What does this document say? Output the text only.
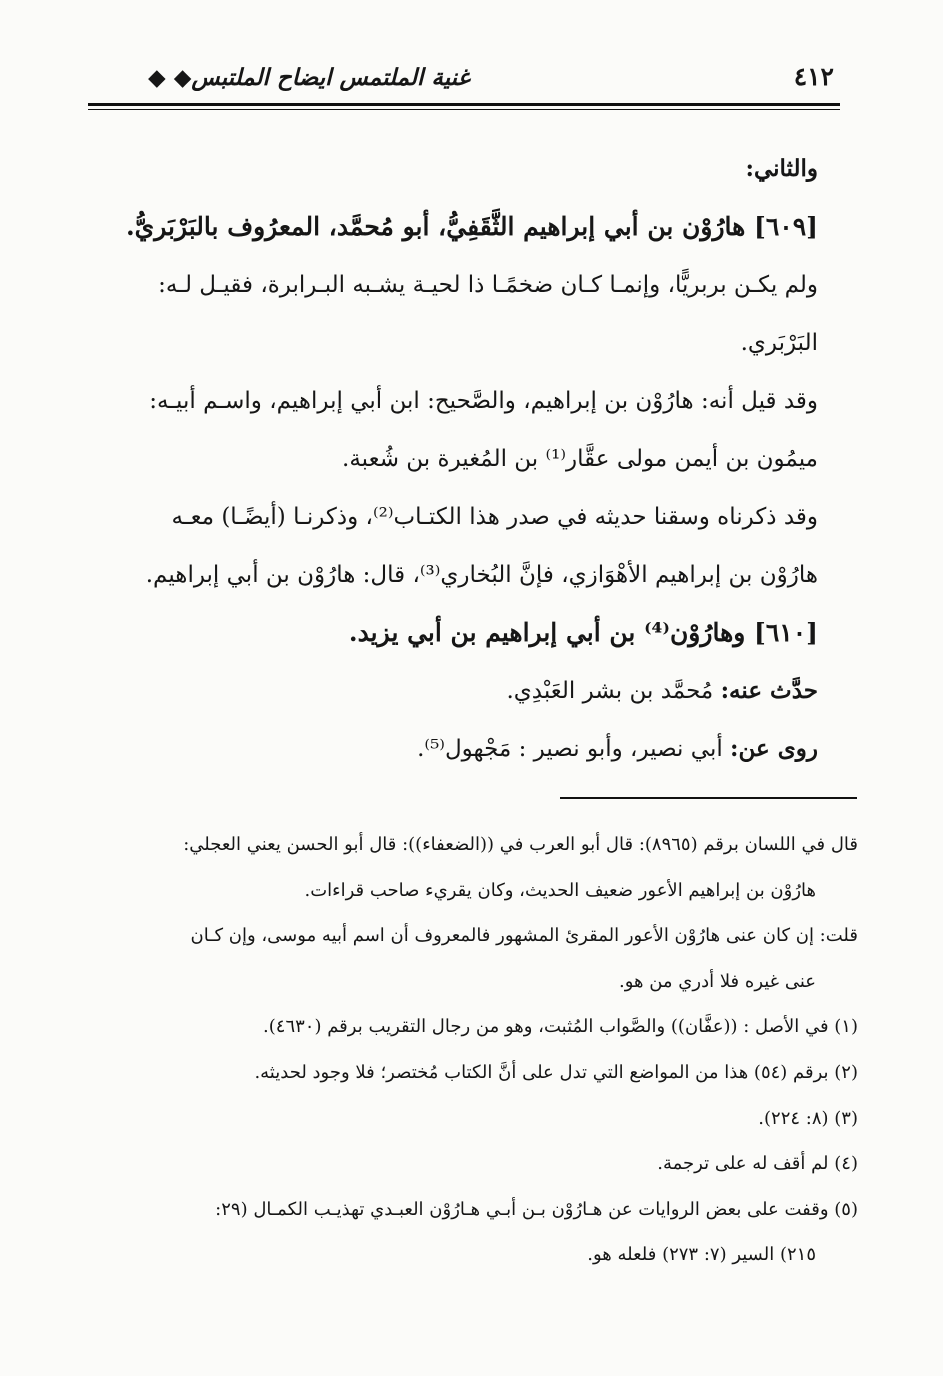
٤١٢
غنية الملتمس ايضاح الملتبس◆ ◆
والثاني:
[٦٠٩] هارُوْن بن أبي إبراهيم الثَّقَفِيُّ، أبو مُحمَّد، المعرُوف بالبَرْبَريُّ.
ولم يكـن بربريًّا، وإنمـا كـان ضخمًـا ذا لحيـة يشـبه البـرابرة، فقيـل لـه:
البَرْبَري.
وقد قيل أنه: هارُوْن بن إبراهيم، والصَّحيح: ابن أبي إبراهيم، واسـم أبيـه:
ميمُون بن أيمن مولى عقَّار⁽¹⁾ بن المُغيرة بن شُعبة.
وقد ذكرناه وسقنا حديثه في صدر هذا الكتـاب⁽²⁾، وذكرنـا (أيضًـا) معـه
هارُوْن بن إبراهيم الأهْوَازي، فإنَّ البُخاري⁽³⁾، قال: هارُوْن بن أبي إبراهيم.
[٦١٠] وهارُوْن⁽⁴⁾ بن أبي إبراهيم بن أبي يزيد.
حدَّث عنه: مُحمَّد بن بشر العَبْدِي.
روى عن: أبي نصير، وأبو نصير : مَجْهول⁽⁵⁾.
قال في اللسان برقم (٨٩٦٥): قال أبو العرب في ((الضعفاء)): قال أبو الحسن يعني العجلي:
هارُوْن بن إبراهيم الأعور ضعيف الحديث، وكان يقريء صاحب قراءات.
قلت: إن كان عنى هارُوْن الأعور المقرئ المشهور فالمعروف أن اسم أبيه موسى، وإن كـان
عنى غيره فلا أدري من هو.
(١) في الأصل : ((عفَّان)) والصَّواب المُثبت، وهو من رجال التقريب برقم (٤٦٣٠).
(٢) برقم (٥٤) هذا من المواضع التي تدل على أنَّ الكتاب مُختصر؛ فلا وجود لحديثه.
(٣) (٨: ٢٢٤).
(٤) لم أقف له على ترجمة.
(٥) وقفت على بعض الروايات عن هـارُوْن بـن أبـي هـارُوْن العبـدي تهذيـب الكمـال (٢٩:
٢١٥) السير (٧: ٢٧٣) فلعله هو.
